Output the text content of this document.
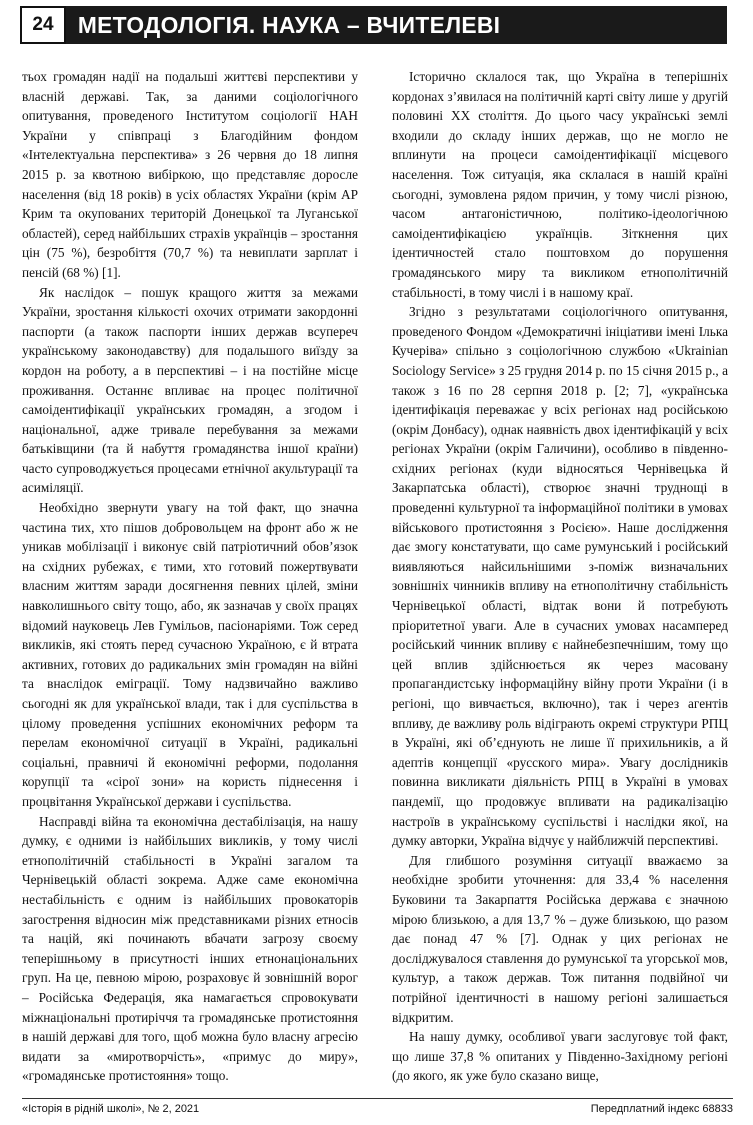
24	МЕТОДОЛОГІЯ. НАУКА – ВЧИТЕЛЕВІ

тьох громадян надії на подальші життєві перспективи у власній державі. Так, за даними соціологічного опитування, проведеного Інститутом соціології НАН України у співпраці з Благодійним фондом «Інтелектуальна перспектива» з 26 червня до 18 липня 2015 р. за квотною вибіркою, що представляє доросле населення (від 18 років) в усіх областях України (крім АР Крим та окупованих територій Донецької та Луганської областей), серед найбільших страхів українців – зростання цін (75 %), безробіття (70,7 %) та невиплати зарплат і пенсій (68 %) [1].

Як наслідок – пошук кращого життя за межами України, зростання кількості охочих отримати закордонні паспорти (а також паспорти інших держав всупереч українському законодавству) для подальшого виїзду за кордон на роботу, а в перспективі – і на постійне місце проживання. Останнє впливає на процес політичної самоідентифікації українських громадян, а згодом і національної, адже тривале перебування за межами батьківщини (та й набуття громадянства іншої країни) часто супроводжується процесами етнічної акультурації та асиміляції.

Необхідно звернути увагу на той факт, що значна частина тих, хто пішов добровольцем на фронт або ж не уникав мобілізації і виконує свій патріотичний обов’язок на східних рубежах, є тими, хто готовий пожертвувати власним життям заради досягнення певних цілей, зміни навколишнього світу тощо, або, як зазначав у своїх працях відомий науковець Лев Гумільов, пасіонаріями. Тож серед викликів, які стоять перед сучасною Україною, є й втрата активних, готових до радикальних змін громадян на війні та внаслідок еміграції. Тому надзвичайно важливо сьогодні як для української влади, так і для суспільства в цілому проведення успішних економічних реформ та перелам економічної ситуації в Україні, радикальні соціальні, правничі й економічні реформи, подолання корупції та «сірої зони» на користь піднесення і процвітання Української держави і суспільства.

Насправді війна та економічна дестабілізація, на нашу думку, є одними із найбільших викликів, у тому числі етнополітичній стабільності в Україні загалом та Чернівецькій області зокрема. Адже саме економічна нестабільність є одним із найбільших провокаторів загострення відносин між представниками різних етносів та націй, які починають вбачати загрозу своєму теперішньому в присутності інших етнонаціональних груп. На це, певною мірою, розраховує й зовнішній ворог – Російська Федерація, яка намагається спровокувати міжнаціональні протиріччя та громадянське протистояння в нашій державі для того, щоб можна було власну агресію видати за «миротворчість», «примус до миру», «громадянське протистояння» тощо.

Історично склалося так, що Україна в теперішніх кордонах з’явилася на політичній карті світу лише у другій половині ХХ століття. До цього часу українські землі входили до складу інших держав, що не могло не вплинути на процеси самоідентифікації місцевого населення. Тож ситуація, яка склалася в нашій країні сьогодні, зумовлена рядом причин, у тому числі різною, часом антагоністичною, політико-ідеологічною самоідентифікацією українців. Зіткнення цих ідентичностей стало поштовхом до порушення громадянського миру та викликом етнополітичній стабільності, в тому числі і в нашому краї.

Згідно з результатами соціологічного опитування, проведеного Фондом «Демократичні ініціативи імені Ілька Кучеріва» спільно з соціологічною службою «Ukrainian Sociology Service» з 25 грудня 2014 р. по 15 січня 2015 р., а також з 16 по 28 серпня 2018 р. [2; 7], «українська ідентифікація переважає у всіх регіонах над російською (окрім Донбасу), однак наявність двох ідентифікацій у всіх регіонах України (окрім Галичини), особливо в південно-східних регіонах (куди відносяться Чернівецька й Закарпатська області), створює значні труднощі в проведенні культурної та інформаційної політики в умовах військового протистояння з Росією». Наше дослідження дає змогу констатувати, що саме румунський і російський виявляються найсильнішими з-поміж визначальних зовнішніх чинників впливу на етнополітичну стабільність Чернівецької області, відтак вони й потребують пріоритетної уваги. Але в сучасних умовах насамперед російський чинник впливу є найнебезпечнішим, тому що цей вплив здійснюється як через масовану пропагандистську інформаційну війну проти України (і в регіоні, що вивчається, включно), так і через агентів впливу, де важливу роль відіграють окремі структури РПЦ в Україні, які об’єднують не лише її прихильників, а й адептів концепції «русского мира». Увагу дослідників повинна викликати діяльність РПЦ в Україні в умовах пандемії, що продовжує впливати на радикалізацію настроїв в українському суспільстві і наслідки якої, на думку авторки, Україна відчує у найближчій перспективі.

Для глибшого розуміння ситуації вважаємо за необхідне зробити уточнення: для 33,4 % населення Буковини та Закарпаття Російська держава є значною мірою близькою, а для 13,7 % – дуже близькою, що разом дає понад 47 % [7]. Однак у цих регіонах не досліджувалося ставлення до румунської та угорської мов, культур, а також держав. Тож питання подвійної чи потрійної ідентичності в нашому регіоні залишається відкритим.

На нашу думку, особливої уваги заслуговує той факт, що лише 37,8 % опитаних у Південно-Західному регіоні (до якого, як уже було сказано вище,

«Історія в рідній школі», № 2, 2021	Передплатний індекс 68833
